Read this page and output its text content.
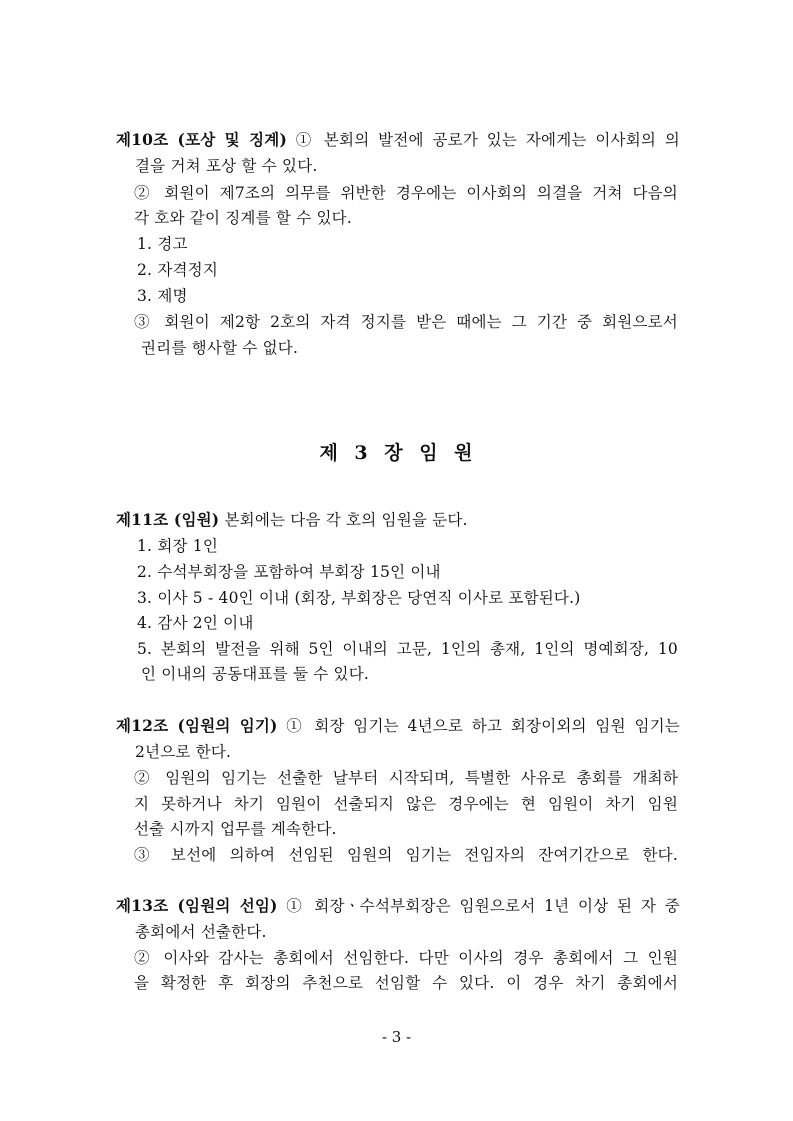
제10조 (포상 및 징계) ① 본회의 발전에 공로가 있는 자에게는 이사회의 의
결을 거쳐 포상 할 수 있다.
② 회원이 제7조의 의무를 위반한 경우에는 이사회의 의결을 거쳐 다음의
각 호와 같이 징계를 할 수 있다.
1. 경고
2. 자격정지
3. 제명
③ 회원이 제2항 2호의 자격 정지를 받은 때에는 그 기간 중 회원으로서
권리를 행사할 수 없다.
제 3 장 임 원
제11조 (임원) 본회에는 다음 각 호의 임원을 둔다.
1. 회장 1인
2. 수석부회장을 포함하여 부회장 15인 이내
3. 이사 5 - 40인 이내 (회장, 부회장은 당연직 이사로 포함된다.)
4. 감사 2인 이내
5. 본회의 발전을 위해 5인 이내의 고문, 1인의 총재, 1인의 명예회장, 10
인 이내의 공동대표를 둘 수 있다.
제12조 (임원의 임기) ① 회장 임기는 4년으로 하고 회장이외의 임원 임기는
2년으로 한다.
② 임원의 임기는 선출한 날부터 시작되며, 특별한 사유로 총회를 개최하
지 못하거나 차기 임원이 선출되지 않은 경우에는 현 임원이 차기 임원
선출 시까지 업무를 계속한다.
③ 보선에 의하여 선임된 임원의 임기는 전임자의 잔여기간으로 한다.
제13조 (임원의 선임) ① 회장ㆍ수석부회장은 임원으로서 1년 이상 된 자 중
총회에서 선출한다.
② 이사와 감사는 총회에서 선임한다. 다만 이사의 경우 총회에서 그 인원
을 확정한 후 회장의 추천으로 선임할 수 있다. 이 경우 차기 총회에서
- 3 -
